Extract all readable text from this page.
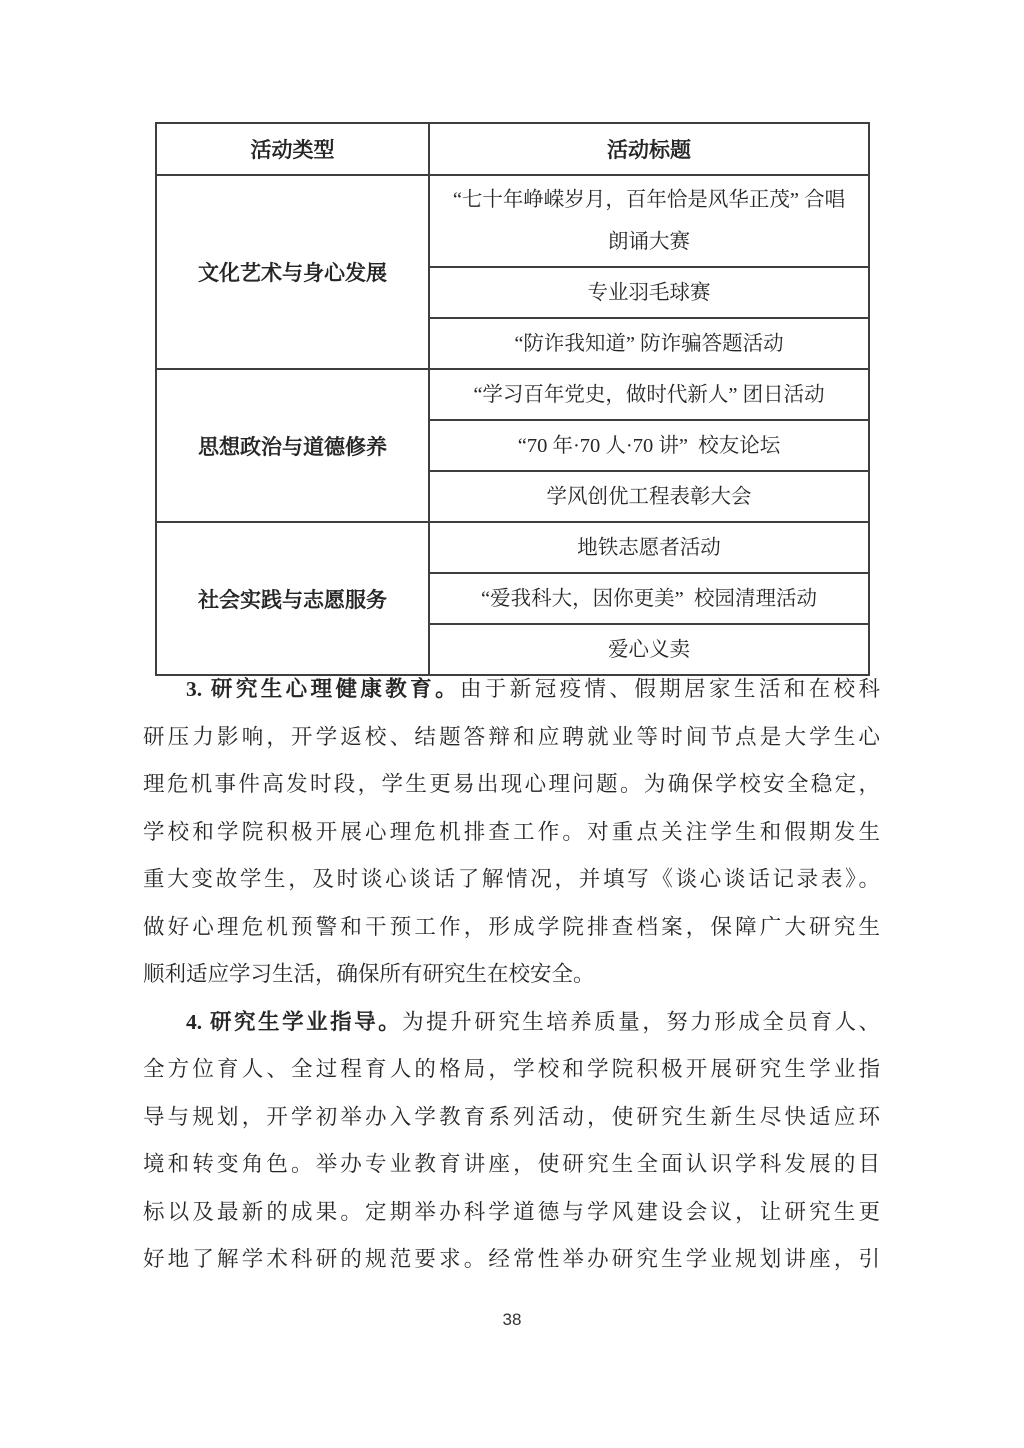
活动类型	活动标题
文化艺术与身心发展	“七十年峥嵘岁月，百年恰是风华正茂” 合唱
朗诵大赛

	专业羽毛球赛

	“防诈我知道” 防诈骗答题活动

思想政治与道德修养	“学习百年党史，做时代新人” 团日活动

	“70 年·70 人·70 讲”  校友论坛

	学风创优工程表彰大会

社会实践与志愿服务	地铁志愿者活动

	“爱我科大，因你更美”  校园清理活动

	爱心义卖
3. 研究生心理健康教育。由于新冠疫情、假期居家生活和在校科
研压力影响，开学返校、结题答辩和应聘就业等时间节点是大学生心
理危机事件高发时段，学生更易出现心理问题。为确保学校安全稳定，
学校和学院积极开展心理危机排查工作。对重点关注学生和假期发生
重大变故学生，及时谈心谈话了解情况，并填写《谈心谈话记录表》。
做好心理危机预警和干预工作，形成学院排查档案，保障广大研究生
顺利适应学习生活，确保所有研究生在校安全。
4. 研究生学业指导。为提升研究生培养质量，努力形成全员育人、
全方位育人、全过程育人的格局，学校和学院积极开展研究生学业指
导与规划，开学初举办入学教育系列活动，使研究生新生尽快适应环
境和转变角色。举办专业教育讲座，使研究生全面认识学科发展的目
标以及最新的成果。定期举办科学道德与学风建设会议，让研究生更
好地了解学术科研的规范要求。经常性举办研究生学业规划讲座，引
38
